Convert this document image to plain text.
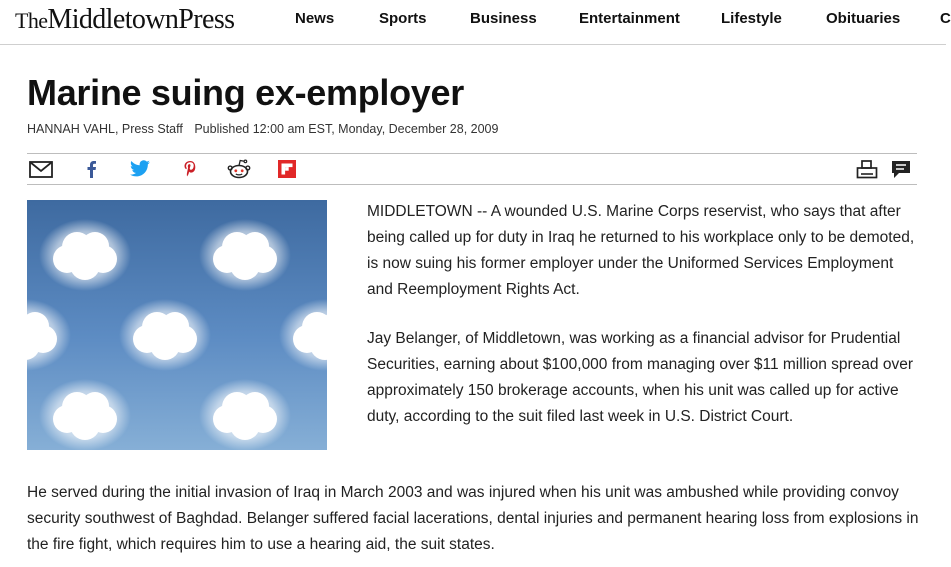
TheMiddletownPress	News	Sports	Business	Entertainment	Lifestyle	Obituaries	C
Marine suing ex-employer
HANNAH VAHL, Press Staff Published 12:00 am EST, Monday, December 28, 2009

MIDDLETOWN -- A wounded U.S. Marine Corps reservist, who says that after being called up for duty in Iraq he returned to his workplace only to be demoted, is now suing his former employer under the Uniformed Services Employment and Reemployment Rights Act.

Jay Belanger, of Middletown, was working as a financial advisor for Prudential Securities, earning about $100,000 from managing over $11 million spread over approximately 150 brokerage accounts, when his unit was called up for active duty, according to the suit filed last week in U.S. District Court.

He served during the initial invasion of Iraq in March 2003 and was injured when his unit was ambushed while providing convoy security southwest of Baghdad. Belanger suffered facial lacerations, dental injuries and permanent hearing loss from explosions in the fire fight, which requires him to use a hearing aid, the suit states.
